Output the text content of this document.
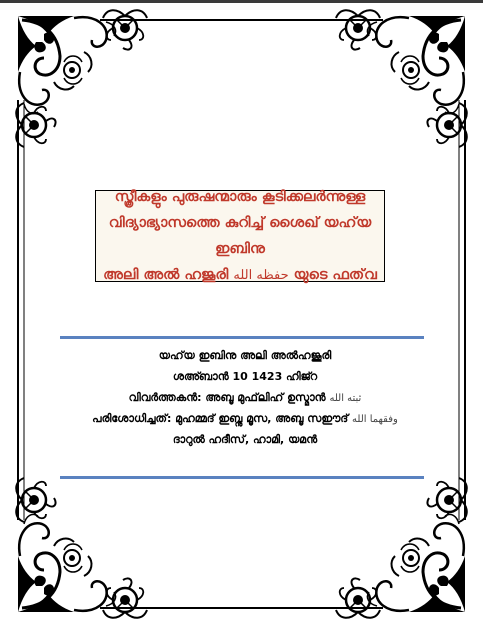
സ്ത്രീകളും പുരുഷന്മാരും കൂടിക്കലർന്നുള്ള
വിദ്യാഭ്യാസത്തെ കുറിച്ച് ശൈഖ് യഹ്‌യ ഇബിനു
അലി അൽ ഹജൂരി حفظه الله യുടെ ഫത്‌വ
യഹ്‌യ ഇബിനു അലി അൽഹജൂരി
ശഅ്ബാൻ 10 1423 ഹിജ്റ
വിവർത്തകൻ: അബൂ മുഫ്‌ലിഹ് ഉസ്മാൻ ثبته الله
പരിശോധിച്ചത്: മുഹമ്മദ് ഇബ്നു മൂസ, അബൂ സഈദ് وفقهما الله
ദാറുൽ ഹദീസ്, ഹാമി, യമൻ
